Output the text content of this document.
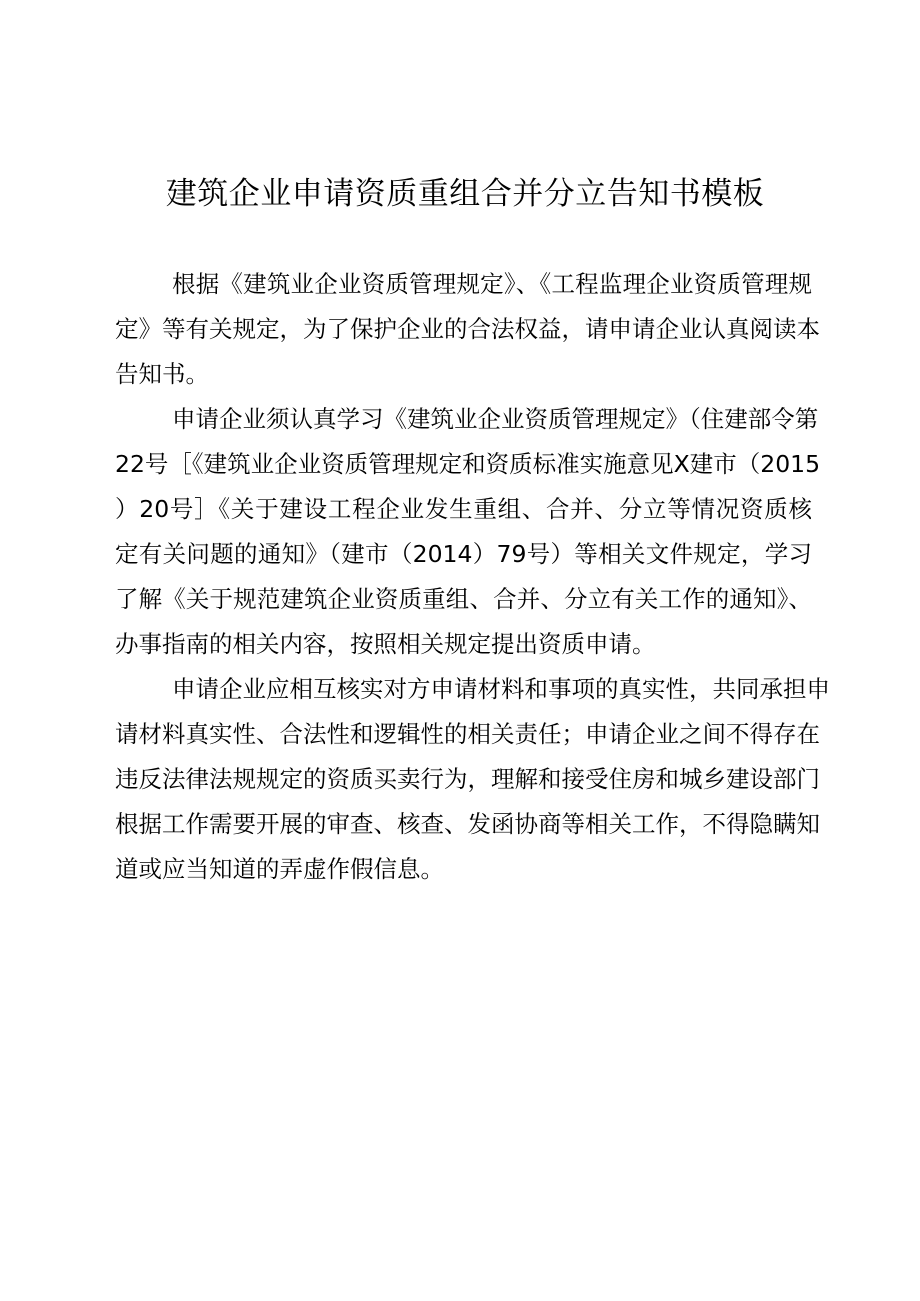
建筑企业申请资质重组合并分立告知书模板
根据《建筑业企业资质管理规定》、《工程监理企业资质管理规
定》等有关规定，为了保护企业的合法权益，请申请企业认真阅读本
告知书。
申请企业须认真学习《建筑业企业资质管理规定》（住建部令第
22号［《建筑业企业资质管理规定和资质标准实施意见X建市（2015
）20号］《关于建设工程企业发生重组、合并、分立等情况资质核
定有关问题的通知》（建市（2014）79号）等相关文件规定，学习
了解《关于规范建筑企业资质重组、合并、分立有关工作的通知》、
办事指南的相关内容，按照相关规定提出资质申请。
申请企业应相互核实对方申请材料和事项的真实性，共同承担申
请材料真实性、合法性和逻辑性的相关责任；申请企业之间不得存在
违反法律法规规定的资质买卖行为，理解和接受住房和城乡建设部门
根据工作需要开展的审查、核查、发函协商等相关工作，不得隐瞒知
道或应当知道的弄虚作假信息。
